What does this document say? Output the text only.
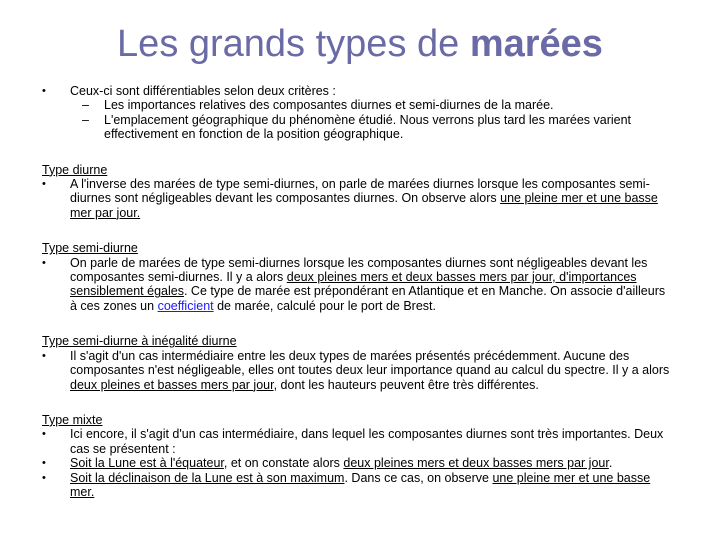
Les grands types de marées
•	Ceux-ci sont différentiables selon deux critères :
– Les importances relatives des composantes diurnes et semi-diurnes de la marée.
– L'emplacement géographique du phénomène étudié. Nous verrons plus tard les marées varient effectivement en fonction de la position géographique.
Type diurne
•	A l'inverse des marées de type semi-diurnes, on parle de marées diurnes lorsque les composantes semi-diurnes sont négligeables devant les composantes diurnes. On observe alors une pleine mer et une basse mer par jour.
Type semi-diurne
•	On parle de marées de type semi-diurnes lorsque les composantes diurnes sont négligeables devant les composantes semi-diurnes. Il y a alors deux pleines mers et deux basses mers par jour, d'importances sensiblement égales. Ce type de marée est prépondérant en Atlantique et en Manche. On associe d'ailleurs à ces zones un coefficient de marée, calculé pour le port de Brest.
Type semi-diurne à inégalité diurne
•	Il s'agit d'un cas intermédiaire entre les deux types de marées présentés précédemment. Aucune des composantes n'est négligeable, elles ont toutes deux leur importance quand au calcul du spectre. Il y a alors deux pleines et basses mers par jour, dont les hauteurs peuvent être très différentes.
Type mixte
•	Ici encore, il s'agit d'un cas intermédiaire, dans lequel les composantes diurnes sont très importantes. Deux cas se présentent :
•	Soit la Lune est à l'équateur, et on constate alors deux pleines mers et deux basses mers par jour.
•	Soit la déclinaison de la Lune est à son maximum. Dans ce cas, on observe une pleine mer et une basse mer.
